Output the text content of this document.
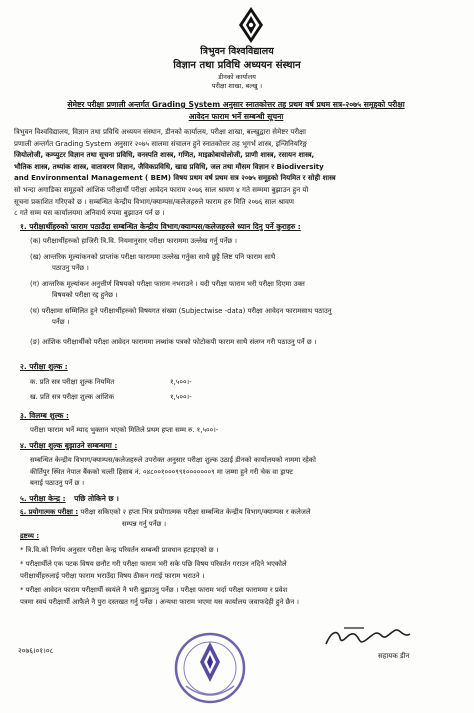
त्रिभुवन विश्वविद्यालय
विज्ञान तथा प्रविधि अध्ययन संस्थान
डीनको कार्यालय
परीक्षा शाखा, बल्खु ।
सेमेष्टर परीक्षा प्रणाली अन्तर्गत Grading System अनुसार स्नातकोत्तर तह प्रथम वर्ष प्रथम सत्र-२०७५ समूहको परीक्षा
आवेदन फाराम भर्ने सम्बन्धी सूचना
त्रिभुवन विश्वविद्यालय, विज्ञान तथा प्रविधि अध्ययन संस्थान, डीनको कार्यालय, परीक्षा शाखा, बल्खुद्वारा सेमेष्टर परीक्षा
प्रणाली अन्तर्गत Grading System अनुसार २०७५ सालमा संचालन हुने स्नातकोत्तर तह भूगर्भ शास्त्र, इन्जिनियरिङ्ग
जियोलोजी, कम्प्युटर विज्ञान तथा सूचना प्रविधि, वनस्पति शास्त्र, गणित, माइक्रोबायोलोजी, प्राणी शास्त्र, रसायन शास्त्र,
भौतिक शास्त्र, तथ्यांक शास्त्र, वातावरण विज्ञान, जैविकप्रविधि, खाद्य प्रविधि, जल तथा मौसम विज्ञान र Biodiversity
and Environmental Management ( BEM) विषय प्रथम वर्ष प्रथम सत्र २०७५ समूहको नियमित र सोही शास्त्र
सो भन्दा अगाडिका समूहको आंशिक परीक्षार्थी परीक्षा आवेदन फाराम २०७६ साल श्रावण ४ गते सम्ममा बुझाउन हुन यो
सूचना प्रकाशित गरिएको छ । सम्बन्धित केन्द्रीय विभाग/क्याम्पस/कलेजहरुले फाराम हरु मिति २०७६ साल श्रावण
८ गते सम्म यस कार्यालयमा अनिवार्य रुपमा बुझाउन पर्न छ ।
१. परीक्षार्थीहरुको फाराम पठाउँदा सम्बन्धित केन्द्रीय विभाग/क्याम्पस/कलेजहरुले ध्यान दिनु पर्ने कुराहरु :
(क) परीक्षार्थीहरुको हाजिरी त्रि.वि. नियमानुसार परीक्षा फाराममा उल्लेख गर्नु पर्नेछ ।
(ख) आन्तरिक मूल्यांकनको प्राप्तांक परीक्षा फाराममा उल्लेख गर्नुका साथै छुट्टै लिष्ट पनि फाराम साथै
पठाउनु पर्नेछ ।
(ग) आन्तरिक मूल्यांकन अनुत्तीर्ण विषयको परीक्षा फाराम नभराउने । यदी परीक्षा फाराम भरी परीक्षा दिएमा उक्त
विषयको परीक्षा रद्द हुनेछ ।
(घ) परीक्षामा सम्मिलित हुने परीक्षार्थीहरुको विषयगत संख्या (Subjectwise -data) परीक्षा आवेदन फारामसाथ पठाउनु
पर्नेछ ।
(ङ) आंशिक परीक्षार्थीको परीक्षा आवेदन फाराममा लब्धांक पत्रको फोटोकपी फाराम साथै संलग्न गरी पठाउनु पर्ने छ ।
२. परीक्षा शुल्क :
क. प्रति सत्र परीक्षा शुल्क नियमित	१,५००।-
ख. प्रति सत्र परीक्षा शुल्क आंशिक	१,५००।-
३. विलम्ब शुल्क :
परीक्षा फाराम भर्ने म्याद भुक्तान भएको मितिले प्रथम हप्ता सम्म रु. १,५००।-
४. परीक्षा शुल्क बुझाउने सम्बन्धमा :
सम्बन्धित केन्द्रीय विभाग/क्याम्पस/कलेजहरुले उपरोक्त अनुसार परीक्षा शुल्क उठाई डीनको कार्यालयको नाममा रहेको
कीर्तिपुर स्थित नेपाल बैंकको चल्ती हिसाब नं. ०४८००१०००९९१०००००००९ मा जम्मा हुने गरी चेक वा ड्राफ्ट
बनाई पठाउनु पर्ने छ ।
५. परीक्षा केन्द्र : पछि तोकिने छ ।
६. प्रयोगात्मक परीक्षा : परीक्षा सकिएको २ हप्ता भित्र प्रयोगात्मक परीक्षा सम्बन्धित केन्द्रीय विभाग/क्याम्पस र कलेजले
सम्पन्न गर्नु पर्नेछ ।
द्रष्टव्य :
* त्रि.वि.को निर्णय अनुसार परीक्षा केन्द्र परिवर्तन सम्बन्धी प्रावधान हटाइएको छ ।
* परीक्षार्थीले एक पटक विषय छनौट गरी परीक्षा फाराम भरी सके पछि विषय परिवर्तन गराउन नदिने भएकोले
परीक्षार्थीहरुलाई परीक्षा फाराम भराउँदा विषय ठीकन गराई फाराम भराउने ।
* परीक्षा आवेदन फाराम परीक्षार्थी स्वयंले नै भरी बुझाउनु पर्नेछ । परीक्षा फाराम भर्दा परीक्षा फाराममा र प्रवेश
पत्रमा स्वयं परीक्षार्थी आफैले नै पुरा दस्तखत गर्नु पर्नेछ । अन्यथा फाराम भएमा यस कार्यालय जवाफदेही हुने छैन ।
२०७६।०१।०८
सहायक डीन
